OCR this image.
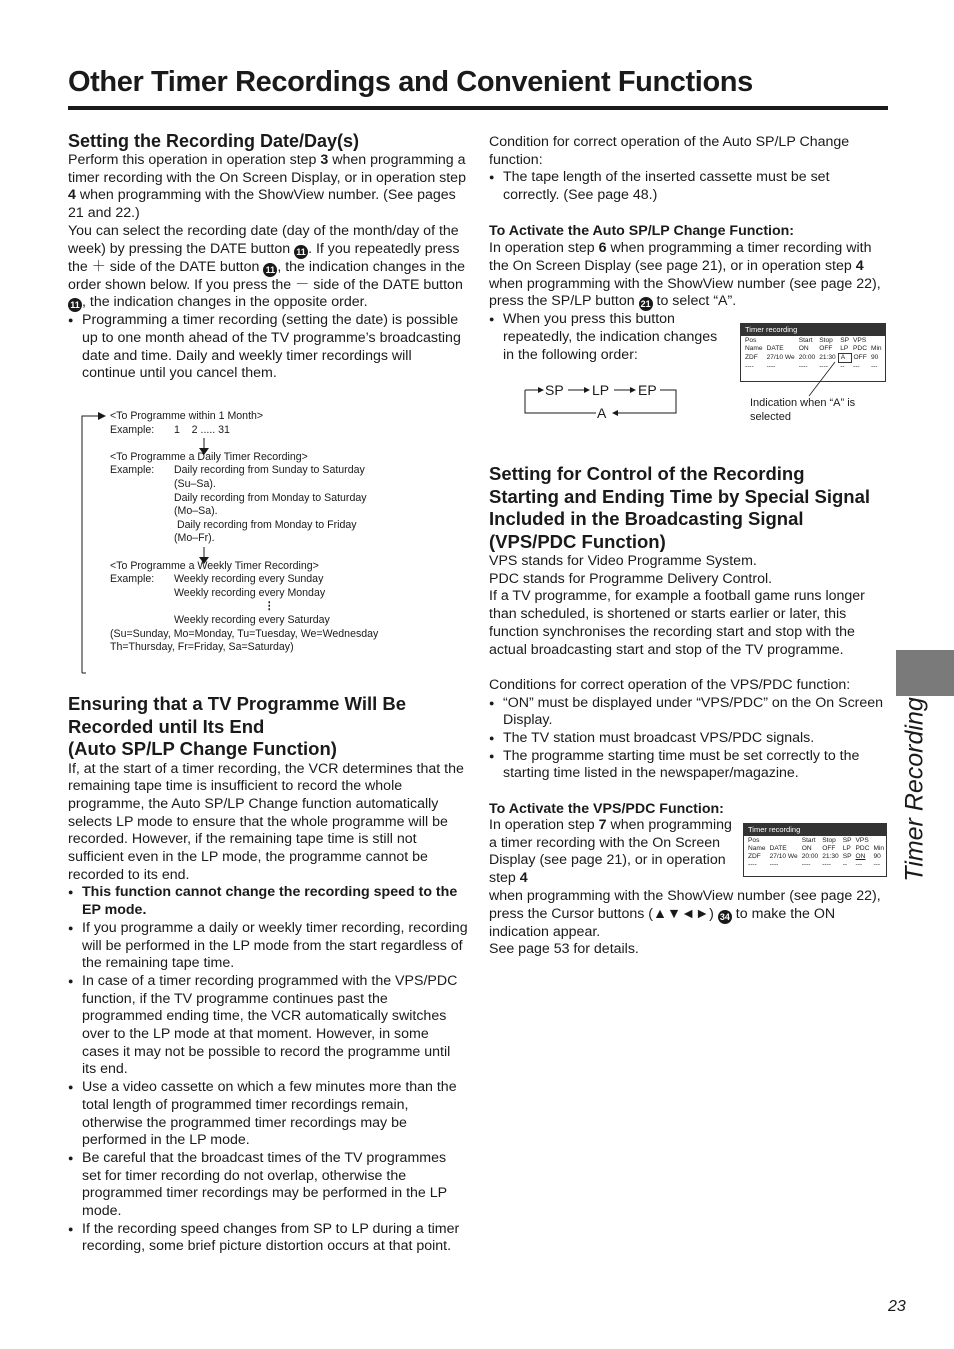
Other Timer Recordings and Convenient Functions

Setting the Recording Date/Day(s)

Perform this operation in operation step 3 when programming a timer recording with the On Screen Display, or in operation step 4 when programming with the ShowView number. (See pages 21 and 22.)

You can select the recording date (day of the month/day of the week) by pressing the DATE button 11 . If you repeatedly press the ＋ side of the DATE button 11 , the indication changes in the order shown below. If you press the － side of the DATE button 11 , the indication changes in the opposite order.

● Programming a timer recording (setting the date) is possible up to one month ahead of the TV programme’s broadcasting date and time. Daily and weekly timer recordings will continue until you cancel them.

<To Programme within 1 Month>
Example: 1    2 ..... 31
<To Programme a Daily Timer Recording>
Example: Daily recording from Sunday to Saturday
(Su–Sa).
Daily recording from Monday to Saturday
(Mo–Sa).
Daily recording from Monday to Friday
(Mo–Fr).
<To Programme a Weekly Timer Recording>
Example: Weekly recording every Sunday
Weekly recording every Monday
⋮
Weekly recording every Saturday
(Su=Sunday, Mo=Monday, Tu=Tuesday, We=Wednesday
Th=Thursday, Fr=Friday, Sa=Saturday)

Ensuring that a TV Programme Will Be

Recorded until Its End

(Auto SP/LP Change Function)

If, at the start of a timer recording, the VCR determines that the remaining tape time is insufficient to record the whole programme, the Auto SP/LP Change function automatically selects LP mode to ensure that the whole programme will be recorded. However, if the remaining tape time is still not sufficient even in the LP mode, the programme cannot be recorded to its end.

● This function cannot change the recording speed to the EP mode.

● If you programme a daily or weekly timer recording, recording will be performed in the LP mode from the start regardless of the remaining tape time.

● In case of a timer recording programmed with the VPS/PDC function, if the TV programme continues past the programmed ending time, the VCR automatically switches over to the LP mode at that moment. However, in some cases it may not be possible to record the programme until its end.

● Use a video cassette on which a few minutes more than the total length of programmed timer recordings remain, otherwise the programmed timer recordings may be performed in the LP mode.

● Be careful that the broadcast times of the TV programmes set for timer recording do not overlap, otherwise the programmed timer recordings may be performed in the LP mode.

● If the recording speed changes from SP to LP during a timer recording, some brief picture distortion occurs at that point.

Condition for correct operation of the Auto SP/LP Change function:

● The tape length of the inserted cassette must be set correctly. (See page 48.)

To Activate the Auto SP/LP Change Function:

In operation step 6 when programming a timer recording with the On Screen Display (see page 21), or in operation step 4 when programming with the ShowView number (see page 22), press the SP/LP button 21 to select “A”.

● When you press this button repeatedly, the indication changes in the following order:

SP LP EP
A
Timer recording
Pos		Start	Stop	SP	VPS	
Name	DATE	ON	OFF	LP	PDC	Min
ZDF	27/10 We	20:00	21:30	A	OFF	90
----	----	----	----	--	---	---
Indication when “A” is selected

Setting for Control of the Recording

Starting and Ending Time by Special Signal

Included in the Broadcasting Signal

(VPS/PDC Function)

VPS stands for Video Programme System.

PDC stands for Programme Delivery Control.

If a TV programme, for example a football game runs longer than scheduled, is shortened or starts earlier or later, this function synchronises the recording start and stop with the actual broadcasting start and stop of the TV programme.

Conditions for correct operation of the VPS/PDC function:

● “ON” must be displayed under “VPS/PDC” on the On Screen Display.

● The TV station must broadcast VPS/PDC signals.

● The programme starting time must be set correctly to the starting time listed in the newspaper/magazine.

To Activate the VPS/PDC Function:

In operation step 7 when programming a timer recording with the On Screen Display (see page 21), or in operation step 4

when programming with the ShowView number (see page 22), press the Cursor buttons (▲▼◄►) 34 to make the ON indication appear.

See page 53 for details.

Timer recording
Pos		Start	Stop	SP	VPS	
Name	DATE	ON	OFF	LP	PDC	Min
ZDF	27/10 We	20:00	21:30	SP	ON	90
----	----	----	----	--	---	--- Timer Recording
23
